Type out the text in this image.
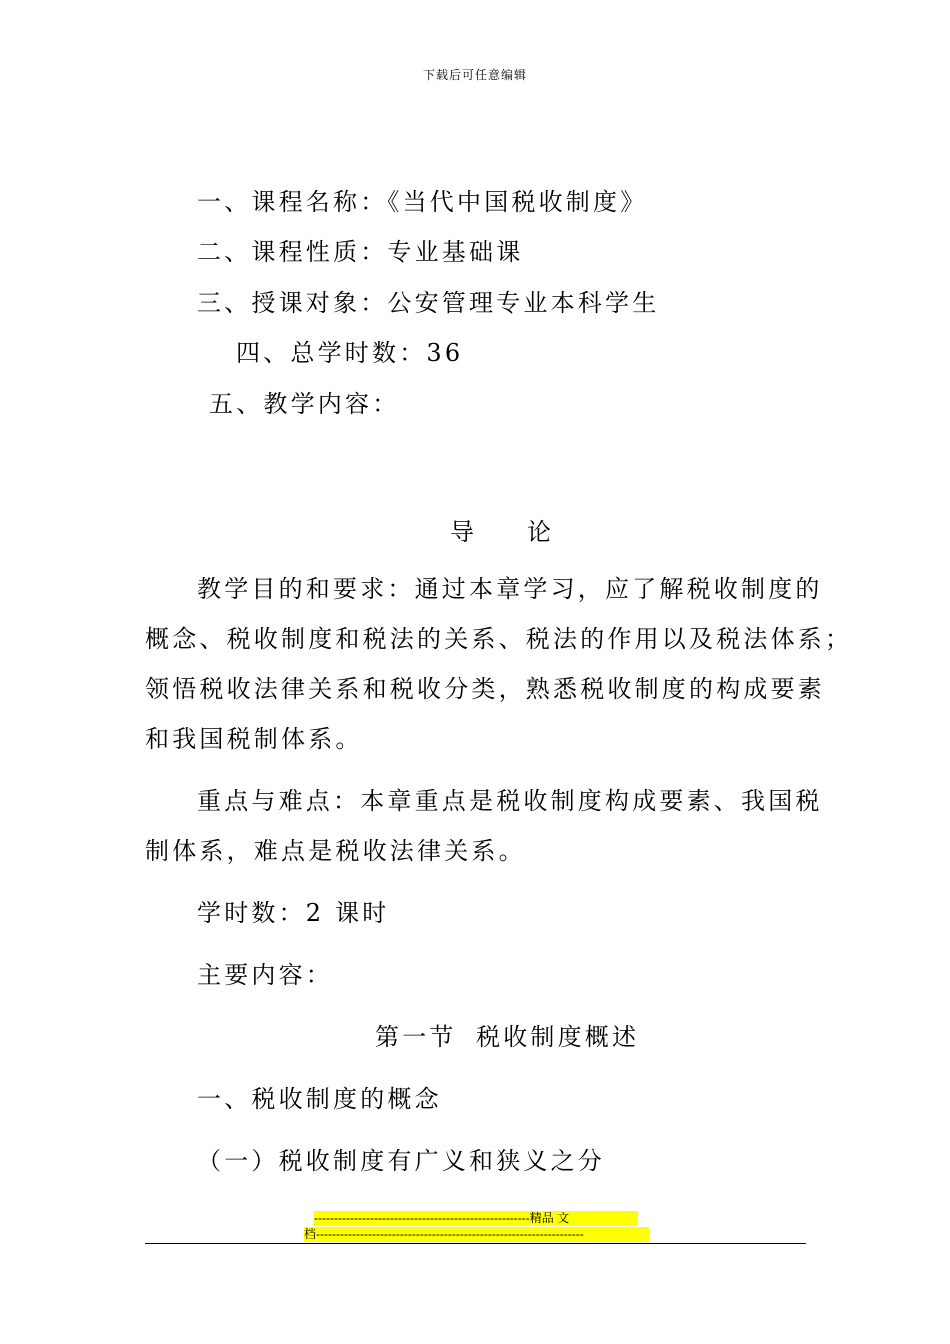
下载后可任意编辑
一、课程名称：《当代中国税收制度》
二、课程性质：专业基础课
三、授课对象：公安管理专业本科学生
四、总学时数：36
五、教学内容：
导 论
教学目的和要求：通过本章学习，应了解税收制度的
概念、税收制度和税法的关系、税法的作用以及税法体系；
领悟税收法律关系和税收分类，熟悉税收制度的构成要素
和我国税制体系。
重点与难点：本章重点是税收制度构成要素、我国税
制体系，难点是税收法律关系。
学时数：2 课时
主要内容：
第一节 税收制度概述
一、税收制度的概念
（一）税收制度有广义和狭义之分
------------------------------------------------------精品 文
档-------------------------------------------------------------------
